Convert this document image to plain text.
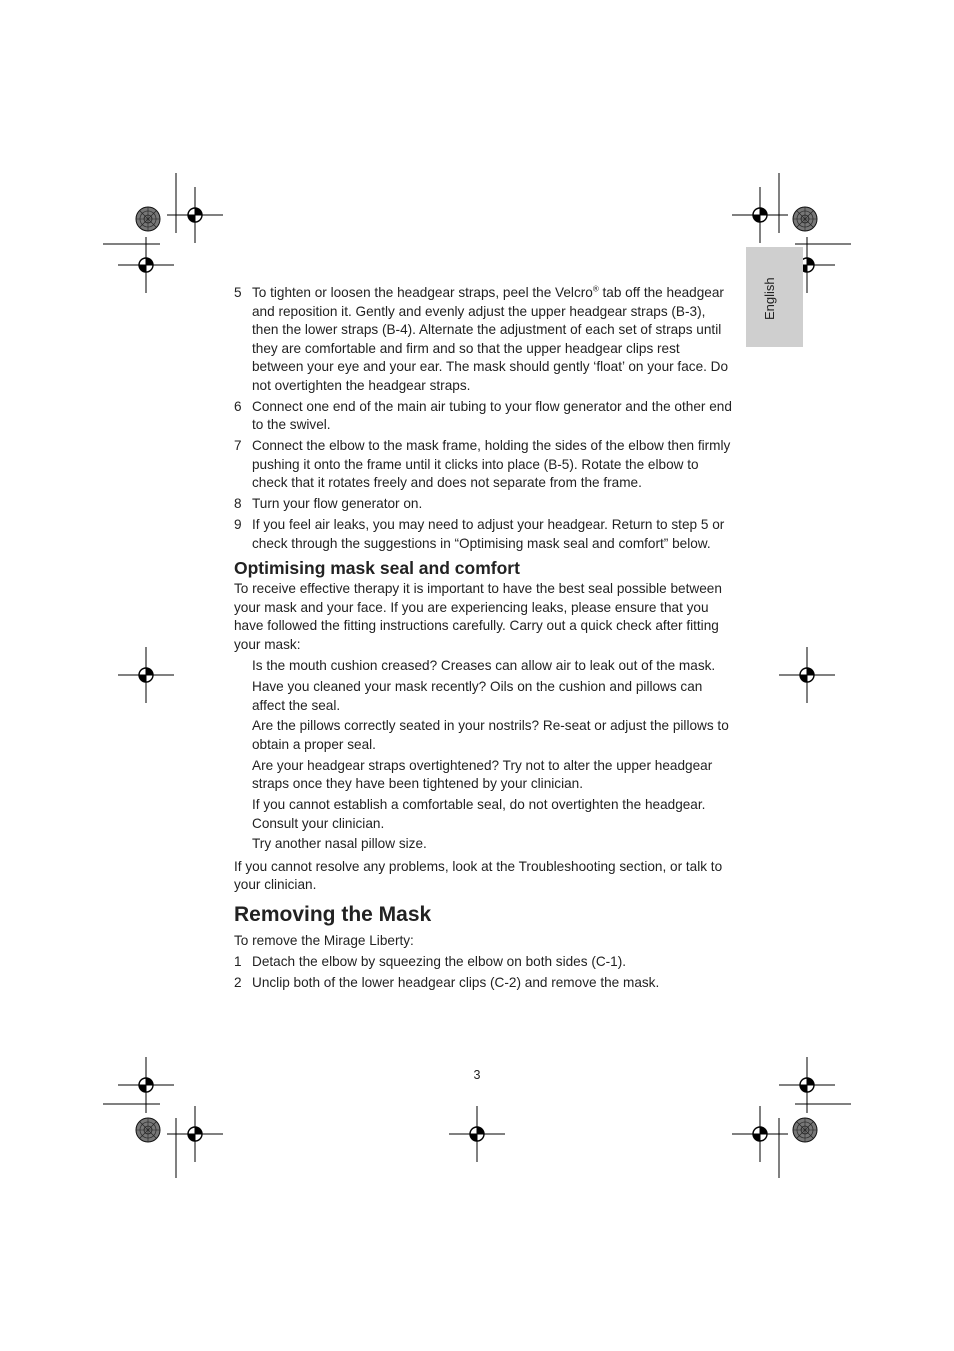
English
5 To tighten or loosen the headgear straps, peel the Velcro® tab off the headgear and reposition it. Gently and evenly adjust the upper headgear straps (B-3), then the lower straps (B-4). Alternate the adjustment of each set of straps until they are comfortable and firm and so that the upper headgear clips rest between your eye and your ear. The mask should gently ‘float’ on your face. Do not overtighten the headgear straps.
6 Connect one end of the main air tubing to your flow generator and the other end to the swivel.
7 Connect the elbow to the mask frame, holding the sides of the elbow then firmly pushing it onto the frame until it clicks into place (B-5). Rotate the elbow to check that it rotates freely and does not separate from the frame.
8 Turn your flow generator on.
9 If you feel air leaks, you may need to adjust your headgear. Return to step 5 or check through the suggestions in “Optimising mask seal and comfort” below.
Optimising mask seal and comfort

To receive effective therapy it is important to have the best seal possible between your mask and your face. If you are experiencing leaks, please ensure that you have followed the fitting instructions carefully. Carry out a quick check after fitting your mask:

Is the mouth cushion creased? Creases can allow air to leak out of the mask.
Have you cleaned your mask recently? Oils on the cushion and pillows can affect the seal.
Are the pillows correctly seated in your nostrils? Re-seat or adjust the pillows to obtain a proper seal.
Are your headgear straps overtightened? Try not to alter the upper headgear straps once they have been tightened by your clinician.
If you cannot establish a comfortable seal, do not overtighten the headgear. Consult your clinician.
Try another nasal pillow size.

If you cannot resolve any problems, look at the Troubleshooting section, or talk to your clinician.

Removing the Mask

To remove the Mirage Liberty:

1 Detach the elbow by squeezing the elbow on both sides (C-1).
2 Unclip both of the lower headgear clips (C-2) and remove the mask.
3
